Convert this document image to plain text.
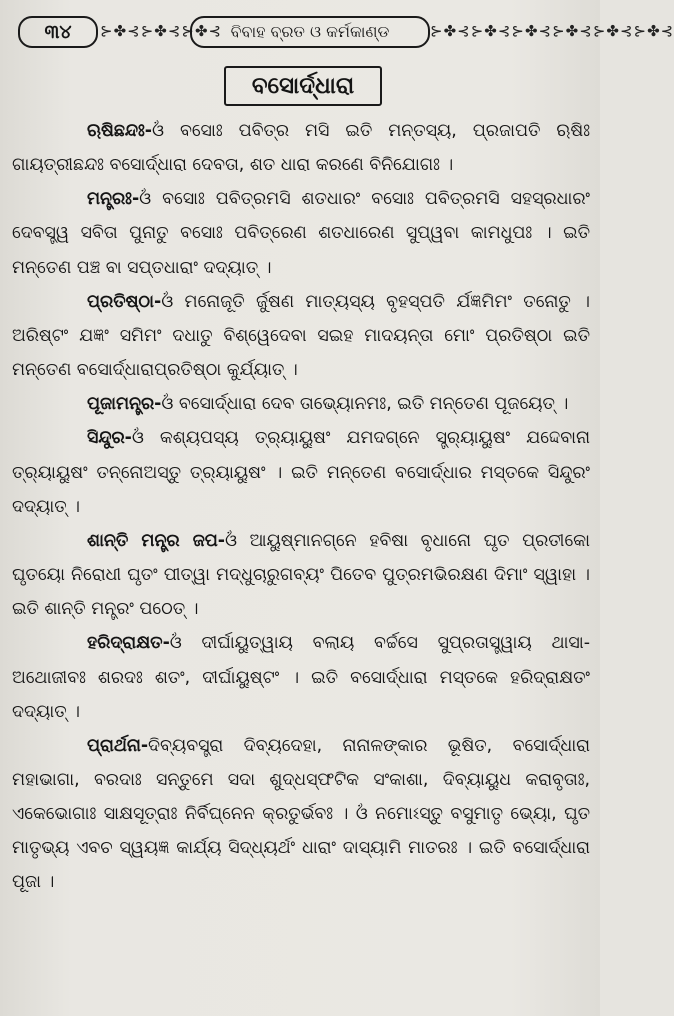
୩୪	⊱✤⊰⊱✤⊰⊱✤⊰ ବିବାହ ବ୍ରତ ଓ କର୍ମକାଣ୍ଡ	⊱✤⊰⊱✤⊰⊱✤⊰⊱✤⊰⊱✤⊰⊱✤⊰
ବସୋର୍ଦ୍ଧାରା

ଋଷିଛନ୍ଦଃ-ଓଁ ବସୋଃ ପବିତ୍ର ମସି ଇତି ମନ୍ତସ୍ୟ, ପ୍ରଜାପତି ଋଷିଃ ଗାୟତ୍ରୀଛନ୍ଦଃ ବସୋର୍ଦ୍ଧାରା ଦେବତା, ଶତ ଧାରା କରଣେ ବିନିଯୋଗଃ ।

ମନ୍ତ୍ରଃ-ଓଁ ବସୋଃ ପବିତ୍ରମସି ଶତଧାରଂ ବସୋଃ ପବିତ୍ରମସି ସହସ୍ରଧାରଂ ଦେବସ୍ତ୍ୱ ସବିତା ପୁନାତୁ ବସୋଃ ପବିତ୍ରେଣ ଶତଧାରେଣ ସୁପ୍ୱବା କାମଧୁପଃ । ଇତି ମନ୍ତେଣ ପଞ୍ଚ ବା ସପ୍ତଧାରାଂ ଦଦ୍ୟାତ୍ ।

ପ୍ରତିଷ୍ଠା-ଓଁ ମନୋଜୂତି ର୍ଜୁଷଣ ମାତ୍ୟସ୍ୟ ବୃହସ୍ପତି ର୍ଯଜ୍ଞମିମଂ ତନୋତୁ । ଅରିଷ୍ଟଂ ଯଜ୍ଞଂ ସମିମଂ ଦଧାତୁ ବିଶ୍ୱେଦେବା ସଇହ ମାଦୟନ୍ତା ମୋଂ ପ୍ରତିଷ୍ଠା ଇତି ମନ୍ତେଣ ବସୋର୍ଦ୍ଧାରାପ୍ରତିଷ୍ଠା କୁର୍ଯ୍ୟାତ୍ ।

ପୂଜାମନ୍ତ୍ର-ଓଁ ବସୋର୍ଦ୍ଧାରା ଦେବ ତାଭ୍ୟୋନମଃ, ଇତି ମନ୍ତେଣ ପୂଜୟେତ୍ ।

ସିନ୍ଦୁର-ଓଁ କଶ୍ୟପସ୍ୟ ତ୍ର୍ୟାୟୁଷଂ ଯମଦଗ୍ନେ ସ୍ତ୍ର୍ୟାୟୁଷଂ ଯଦ୍ଦେବାନା ତ୍ର୍ୟାୟୁଷଂ ତନ୍ନୋଅସ୍ତୁ ତ୍ର୍ୟାୟୁଷଂ । ଇତି ମନ୍ତେଣ ବସୋର୍ଦ୍ଧାର ମସ୍ତକେ ସିନ୍ଦୁରଂ ଦଦ୍ୟାତ୍ ।

ଶାନ୍ତି ମନ୍ତ୍ର ଜପ-ଓଁ ଆୟୁଷ୍ମାନଗ୍ନେ ହବିଷା ବୃଧାନୋ ଘୃତ ପ୍ରତୀକୋ ଘୃତୟୋ ନିରୋଧୀ ଘୃତଂ ପୀତ୍ୱା ମଦ୍ଧୁଚାରୁଗବ୍ୟଂ ପିତେବ ପୁତ୍ରମଭିରକ୍ଷଣ ଦିମାଂ ସ୍ୱାହା । ଇତି ଶାନ୍ତି ମନ୍ତ୍ରଂ ପଠେତ୍ ।

ହରିଦ୍ରାକ୍ଷତ-ଓଁ ଦୀର୍ଘାୟୁତ୍ୱାୟ ବଲାୟ ବର୍ଚ୍ଚସେ ସୁପ୍ରତାସ୍ତ୍ୱାୟ ଥାସା-ଅଥୋଜୀବଃ ଶରଦଃ ଶତଂ, ଦୀର୍ଘାୟୁଷ୍ଟଂ । ଇତି ବସୋର୍ଦ୍ଧାରା ମସ୍ତକେ ହରିଦ୍ରାକ୍ଷତଂ ଦଦ୍ୟାତ୍ ।

ପ୍ରାର୍ଥନା-ଦିବ୍ୟବସ୍ତ୍ରା ଦିବ୍ୟଦେହା, ନାନାଳଙ୍କାର ଭୂଷିତ, ବସୋର୍ଦ୍ଧାରା ମହାଭାଗା, ବରଦାଃ ସନ୍ତୁମେ ସଦା ଶୁଦ୍ଧସ୍ଫଟିକ ସଂକାଶା, ଦିବ୍ୟାୟୁଧ କରାବୃତାଃ, ଏକେଭୋଗାଃ ସାକ୍ଷସୂତ୍ରାଃ ନିର୍ବିଘ୍ନେନ କ୍ରତୁର୍ଭବଃ । ଓଁ ନମୋଽସ୍ତୁ ବସୁମାତୃ ଭ୍ୟୋ, ଘୃତ ମାତୃଭ୍ୟ ଏବଚ ସ୍ୱୟଜ୍ଞ କାର୍ଯ୍ୟ ସିଦ୍ଧ୍ୟର୍ଥଂ ଧାରାଂ ଦାସ୍ୟାମି ମାତରଃ । ଇତି ବସୋର୍ଦ୍ଧାରା ପୂଜା ।
